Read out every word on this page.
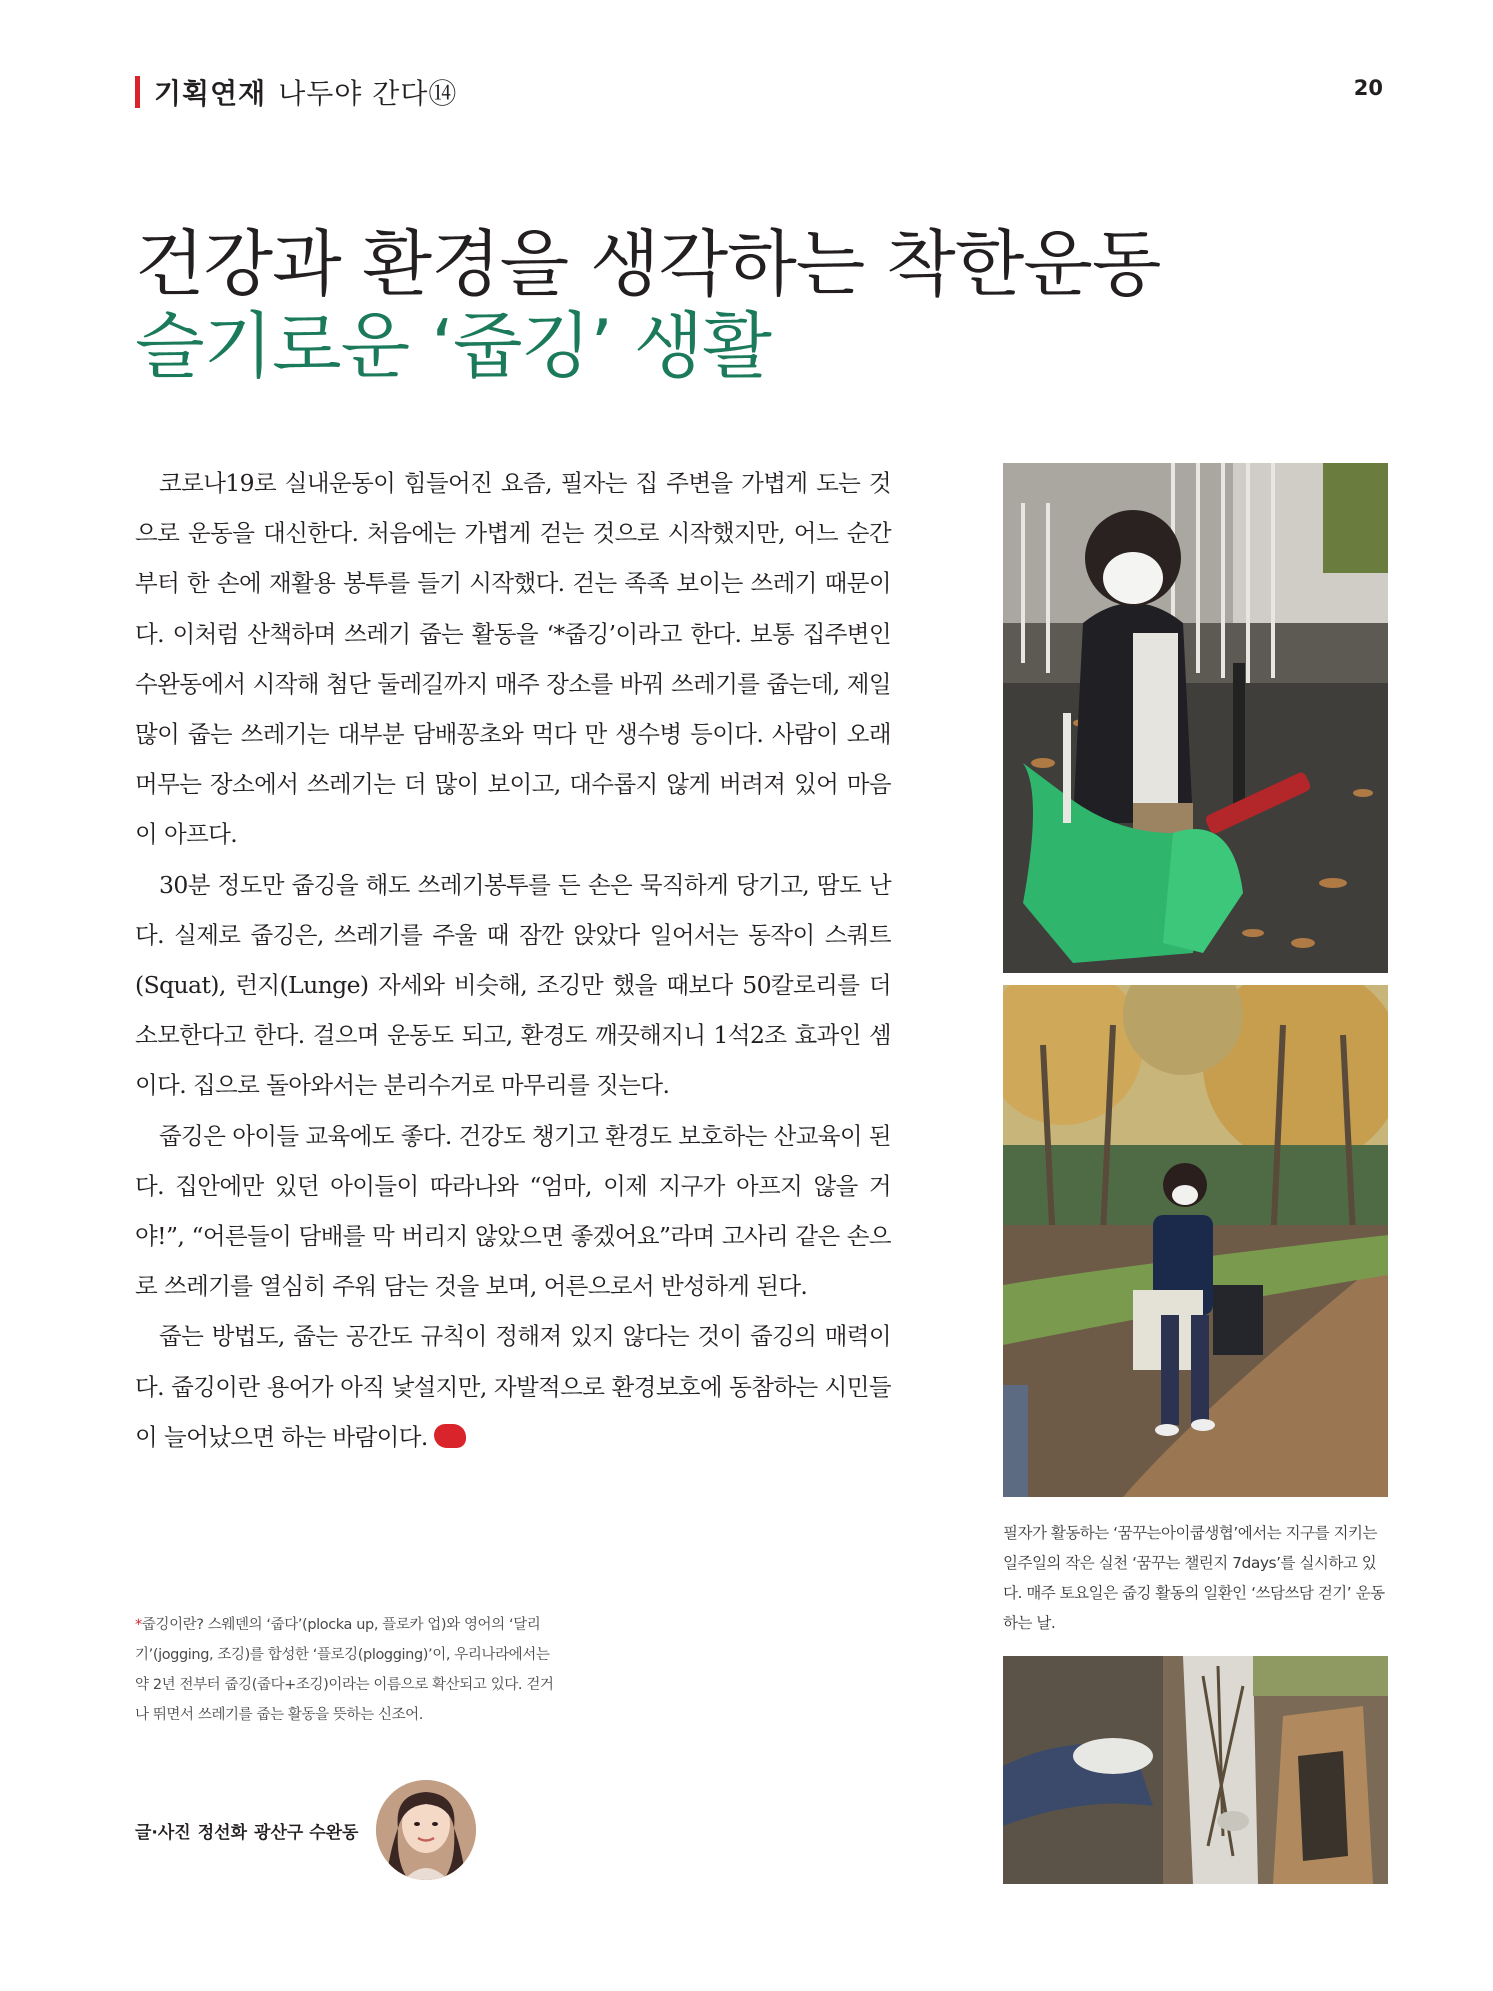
기획연재 나두야 간다⑭	20
건강과 환경을 생각하는 착한운동
슬기로운 ‘줍깅’ 생활

코로나19로 실내운동이 힘들어진 요즘, 필자는 집 주변을 가볍게 도는 것으로 운동을 대신한다. 처음에는 가볍게 걷는 것으로 시작했지만, 어느 순간부터 한 손에 재활용 봉투를 들기 시작했다. 걷는 족족 보이는 쓰레기 때문이다. 이처럼 산책하며 쓰레기 줍는 활동을 ‘*줍깅’이라고 한다. 보통 집주변인 수완동에서 시작해 첨단 둘레길까지 매주 장소를 바꿔 쓰레기를 줍는데, 제일 많이 줍는 쓰레기는 대부분 담배꽁초와 먹다 만 생수병 등이다. 사람이 오래 머무는 장소에서 쓰레기는 더 많이 보이고, 대수롭지 않게 버려져 있어 마음이 아프다.

30분 정도만 줍깅을 해도 쓰레기봉투를 든 손은 묵직하게 당기고, 땀도 난다. 실제로 줍깅은, 쓰레기를 주울 때 잠깐 앉았다 일어서는 동작이 스쿼트(Squat), 런지(Lunge) 자세와 비슷해, 조깅만 했을 때보다 50칼로리를 더 소모한다고 한다. 걸으며 운동도 되고, 환경도 깨끗해지니 1석2조 효과인 셈이다. 집으로 돌아와서는 분리수거로 마무리를 짓는다.

줍깅은 아이들 교육에도 좋다. 건강도 챙기고 환경도 보호하는 산교육이 된다. 집안에만 있던 아이들이 따라나와 “엄마, 이제 지구가 아프지 않을 거야!”, “어른들이 담배를 막 버리지 않았으면 좋겠어요”라며 고사리 같은 손으로 쓰레기를 열심히 주워 담는 것을 보며, 어른으로서 반성하게 된다.

줍는 방법도, 줍는 공간도 규칙이 정해져 있지 않다는 것이 줍깅의 매력이다. 줍깅이란 용어가 아직 낯설지만, 자발적으로 환경보호에 동참하는 시민들이 늘어났으면 하는 바람이다.

*줍깅이란? 스웨덴의 ‘줍다’(plocka up, 플로카 업)와 영어의 ‘달리기’(jogging, 조깅)를 합성한 ‘플로깅(plogging)’이, 우리나라에서는 약 2년 전부터 줍깅(줍다+조깅)이라는 이름으로 확산되고 있다. 걷거나 뛰면서 쓰레기를 줍는 활동을 뜻하는 신조어.
글·사진 정선화 광산구 수완동
필자가 활동하는 ‘꿈꾸는아이쿱생협’에서는 지구를 지키는 일주일의 작은 실천 ‘꿈꾸는 챌린지 7days’를 실시하고 있다. 매주 토요일은 줍깅 활동의 일환인 ‘쓰담쓰담 걷기’ 운동 하는 날.
